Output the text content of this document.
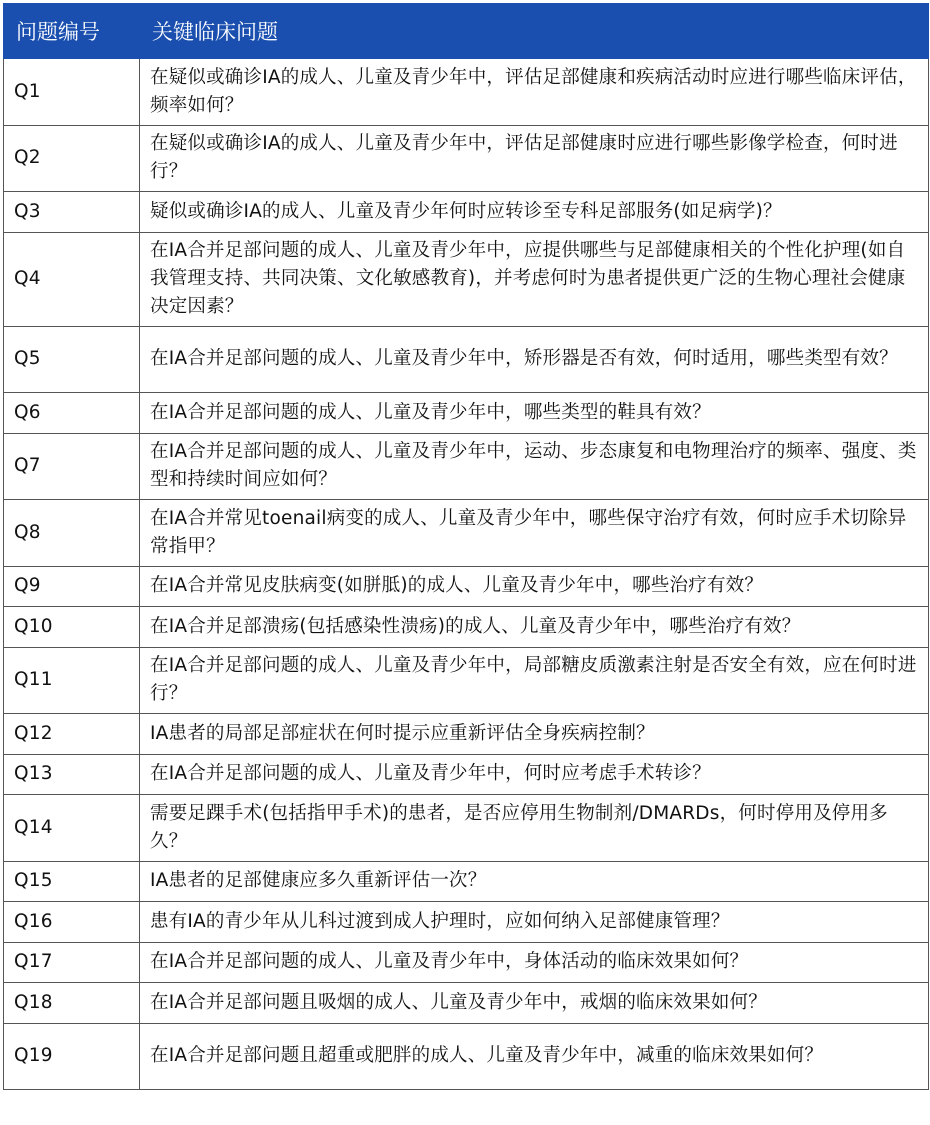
问题编号	关键临床问题
Q1	在疑似或确诊IA的成人、儿童及青少年中，评估足部健康和疾病活动时应进行哪些临床评估，频率如何？
Q2	在疑似或确诊IA的成人、儿童及青少年中，评估足部健康时应进行哪些影像学检查，何时进行？
Q3	疑似或确诊IA的成人、儿童及青少年何时应转诊至专科足部服务(如足病学)？
Q4	在IA合并足部问题的成人、儿童及青少年中，应提供哪些与足部健康相关的个性化护理(如自我管理支持、共同决策、文化敏感教育)，并考虑何时为患者提供更广泛的生物心理社会健康决定因素？
Q5	在IA合并足部问题的成人、儿童及青少年中，矫形器是否有效，何时适用，哪些类型有效？
Q6	在IA合并足部问题的成人、儿童及青少年中，哪些类型的鞋具有效？
Q7	在IA合并足部问题的成人、儿童及青少年中，运动、步态康复和电物理治疗的频率、强度、类型和持续时间应如何？
Q8	在IA合并常见toenail病变的成人、儿童及青少年中，哪些保守治疗有效，何时应手术切除异常指甲？
Q9	在IA合并常见皮肤病变(如胼胝)的成人、儿童及青少年中，哪些治疗有效？
Q10	在IA合并足部溃疡(包括感染性溃疡)的成人、儿童及青少年中，哪些治疗有效？
Q11	在IA合并足部问题的成人、儿童及青少年中，局部糖皮质激素注射是否安全有效，应在何时进行？
Q12	IA患者的局部足部症状在何时提示应重新评估全身疾病控制？
Q13	在IA合并足部问题的成人、儿童及青少年中，何时应考虑手术转诊？
Q14	需要足踝手术(包括指甲手术)的患者，是否应停用生物制剂/DMARDs，何时停用及停用多久？
Q15	IA患者的足部健康应多久重新评估一次？
Q16	患有IA的青少年从儿科过渡到成人护理时，应如何纳入足部健康管理？
Q17	在IA合并足部问题的成人、儿童及青少年中，身体活动的临床效果如何？
Q18	在IA合并足部问题且吸烟的成人、儿童及青少年中，戒烟的临床效果如何？
Q19	在IA合并足部问题且超重或肥胖的成人、儿童及青少年中，减重的临床效果如何？
